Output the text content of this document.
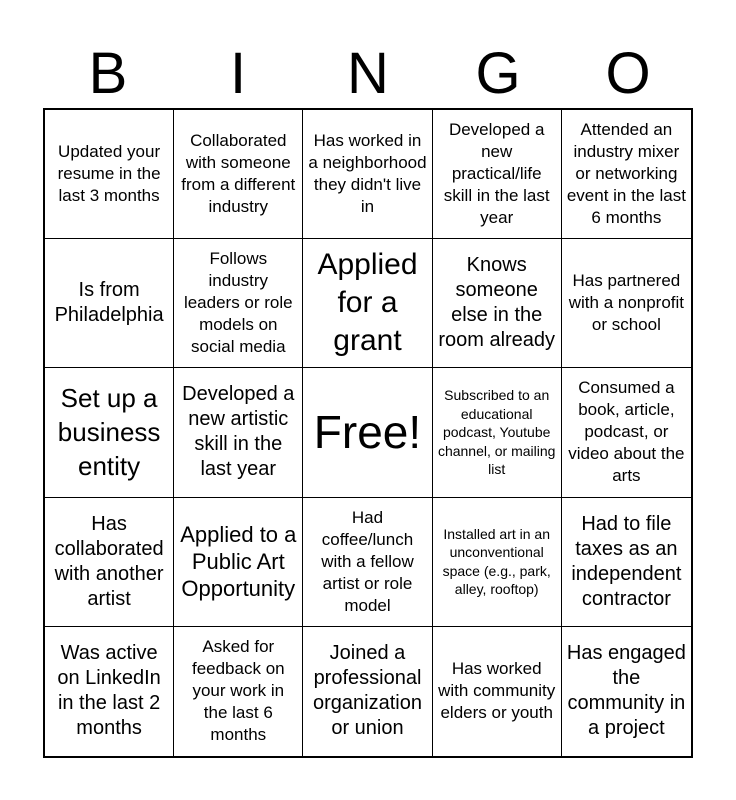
B	I	N	G	O
Updated your resume in the last 3 months
Collaborated with someone from a different industry
Has worked in a neighborhood they didn't live in
Developed a new practical/life skill in the last year
Attended an industry mixer or networking event in the last 6 months
Is from Philadelphia
Follows industry leaders or role models on social media
Applied for a grant
Knows someone else in the room already
Has partnered with a nonprofit or school
Set up a business entity
Developed a new artistic skill in the last year
Free!
Subscribed to an educational podcast, Youtube channel, or mailing list
Consumed a book, article, podcast, or video about the arts
Has collaborated with another artist
Applied to a Public Art Opportunity
Had coffee/lunch with a fellow artist or role model
Installed art in an unconventional space (e.g., park, alley, rooftop)
Had to file taxes as an independent contractor
Was active on LinkedIn in the last 2 months
Asked for feedback on your work in the last 6 months
Joined a professional organization or union
Has worked with community elders or youth
Has engaged the community in a project
